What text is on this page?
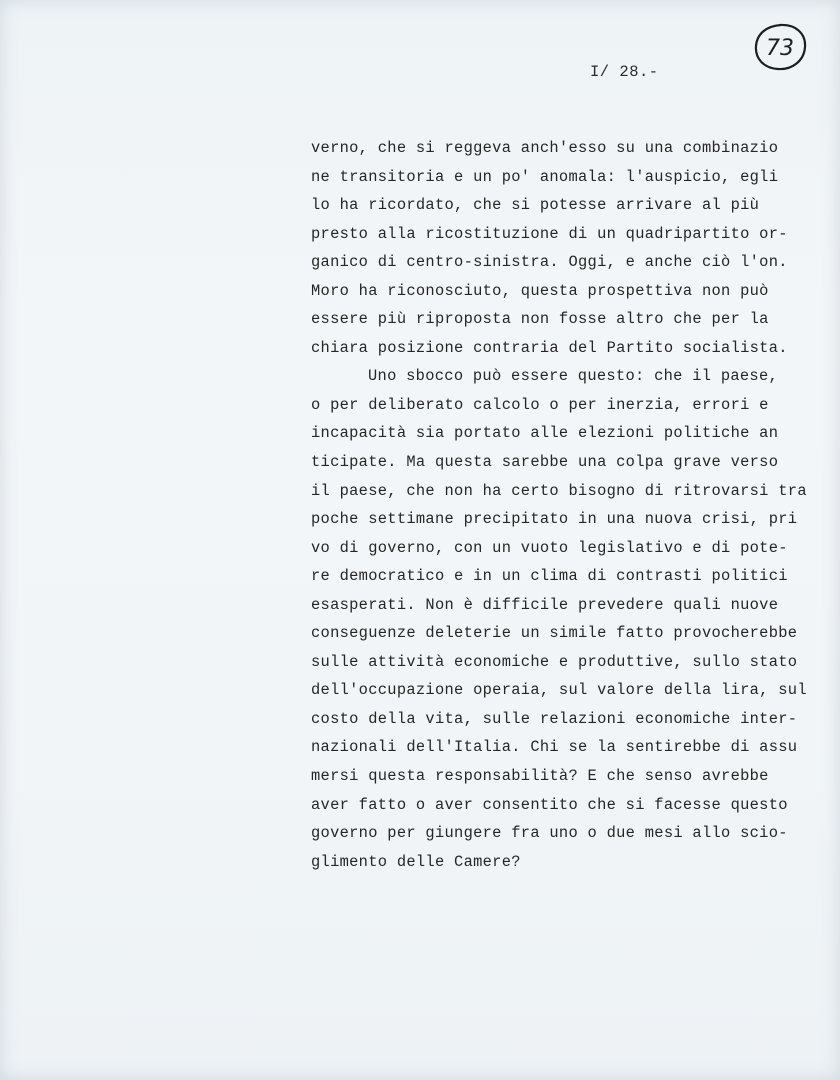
73
I/ 28.-
verno, che si reggeva anch'esso su una combinazio
ne transitoria e un po' anomala: l'auspicio, egli
lo ha ricordato, che si potesse arrivare al più
presto alla ricostituzione di un quadripartito or-
ganico di centro-sinistra. Oggi, e anche ciò l'on.
Moro ha riconosciuto, questa prospettiva non può
essere più riproposta non fosse altro che per la
chiara posizione contraria del Partito socialista.
Uno sbocco può essere questo: che il paese,
o per deliberato calcolo o per inerzia, errori e
incapacità sia portato alle elezioni politiche an
ticipate. Ma questa sarebbe una colpa grave verso
il paese, che non ha certo bisogno di ritrovarsi tra
poche settimane precipitato in una nuova crisi, pri
vo di governo, con un vuoto legislativo e di pote-
re democratico e in un clima di contrasti politici
esasperati. Non è difficile prevedere quali nuove
conseguenze deleterie un simile fatto provocherebbe
sulle attività economiche e produttive, sullo stato
dell'occupazione operaia, sul valore della lira, sul
costo della vita, sulle relazioni economiche inter-
nazionali dell'Italia. Chi se la sentirebbe di assu
mersi questa responsabilità? E che senso avrebbe
aver fatto o aver consentito che si facesse questo
governo per giungere fra uno o due mesi allo scio-
glimento delle Camere?
